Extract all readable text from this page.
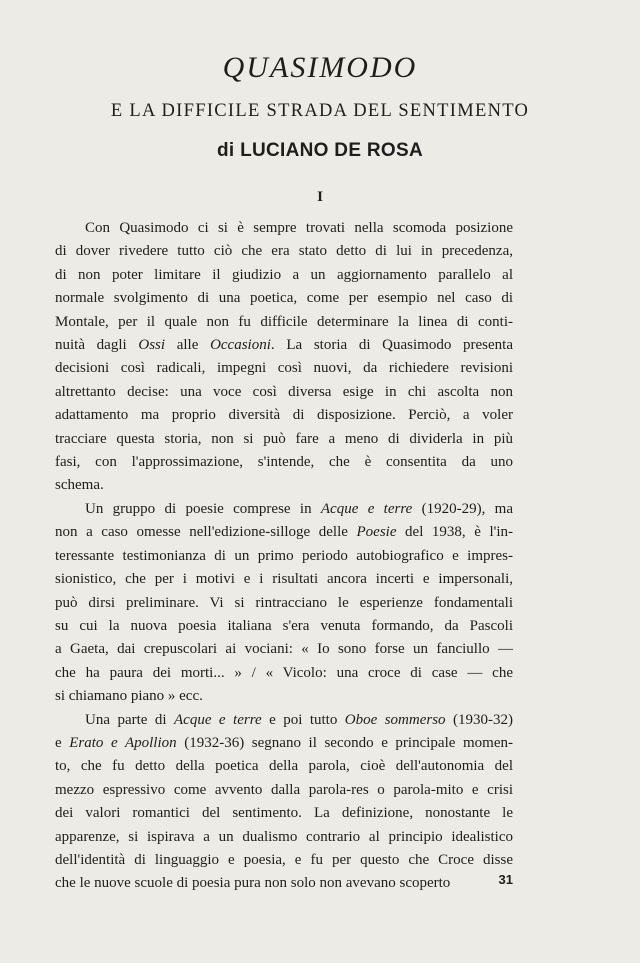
QUASIMODO
E LA DIFFICILE STRADA DEL SENTIMENTO
di LUCIANO DE ROSA
I

Con Quasimodo ci si è sempre trovati nella scomoda posizione
di dover rivedere tutto ciò che era stato detto di lui in precedenza,
di non poter limitare il giudizio a un aggiornamento parallelo al
normale svolgimento di una poetica, come per esempio nel caso di
Montale, per il quale non fu difficile determinare la linea di conti-
nuità dagli Ossi alle Occasioni. La storia di Quasimodo presenta
decisioni così radicali, impegni così nuovi, da richiedere revisioni
altrettanto decise: una voce così diversa esige in chi ascolta non
adattamento ma proprio diversità di disposizione. Perciò, a voler
tracciare questa storia, non si può fare a meno di dividerla in più
fasi, con l'approssimazione, s'intende, che è consentita da uno
schema.

Un gruppo di poesie comprese in Acque e terre (1920-29), ma
non a caso omesse nell'edizione-silloge delle Poesie del 1938, è l'in-
teressante testimonianza di un primo periodo autobiografico e impres-
sionistico, che per i motivi e i risultati ancora incerti e impersonali,
può dirsi preliminare. Vi si rintracciano le esperienze fondamentali
su cui la nuova poesia italiana s'era venuta formando, da Pascoli
a Gaeta, dai crepuscolari ai vociani: « Io sono forse un fanciullo —
che ha paura dei morti... » / « Vicolo: una croce di case — che
si chiamano piano » ecc.

Una parte di Acque e terre e poi tutto Oboe sommerso (1930-32)
e Erato e Apollion (1932-36) segnano il secondo e principale momen-
to, che fu detto della poetica della parola, cioè dell'autonomia del
mezzo espressivo come avvento dalla parola-res o parola-mito e crisi
dei valori romantici del sentimento. La definizione, nonostante le
apparenze, si ispirava a un dualismo contrario al principio idealistico
dell'identità di linguaggio e poesia, e fu per questo che Croce disse
che le nuove scuole di poesia pura non solo non avevano scoperto	31
